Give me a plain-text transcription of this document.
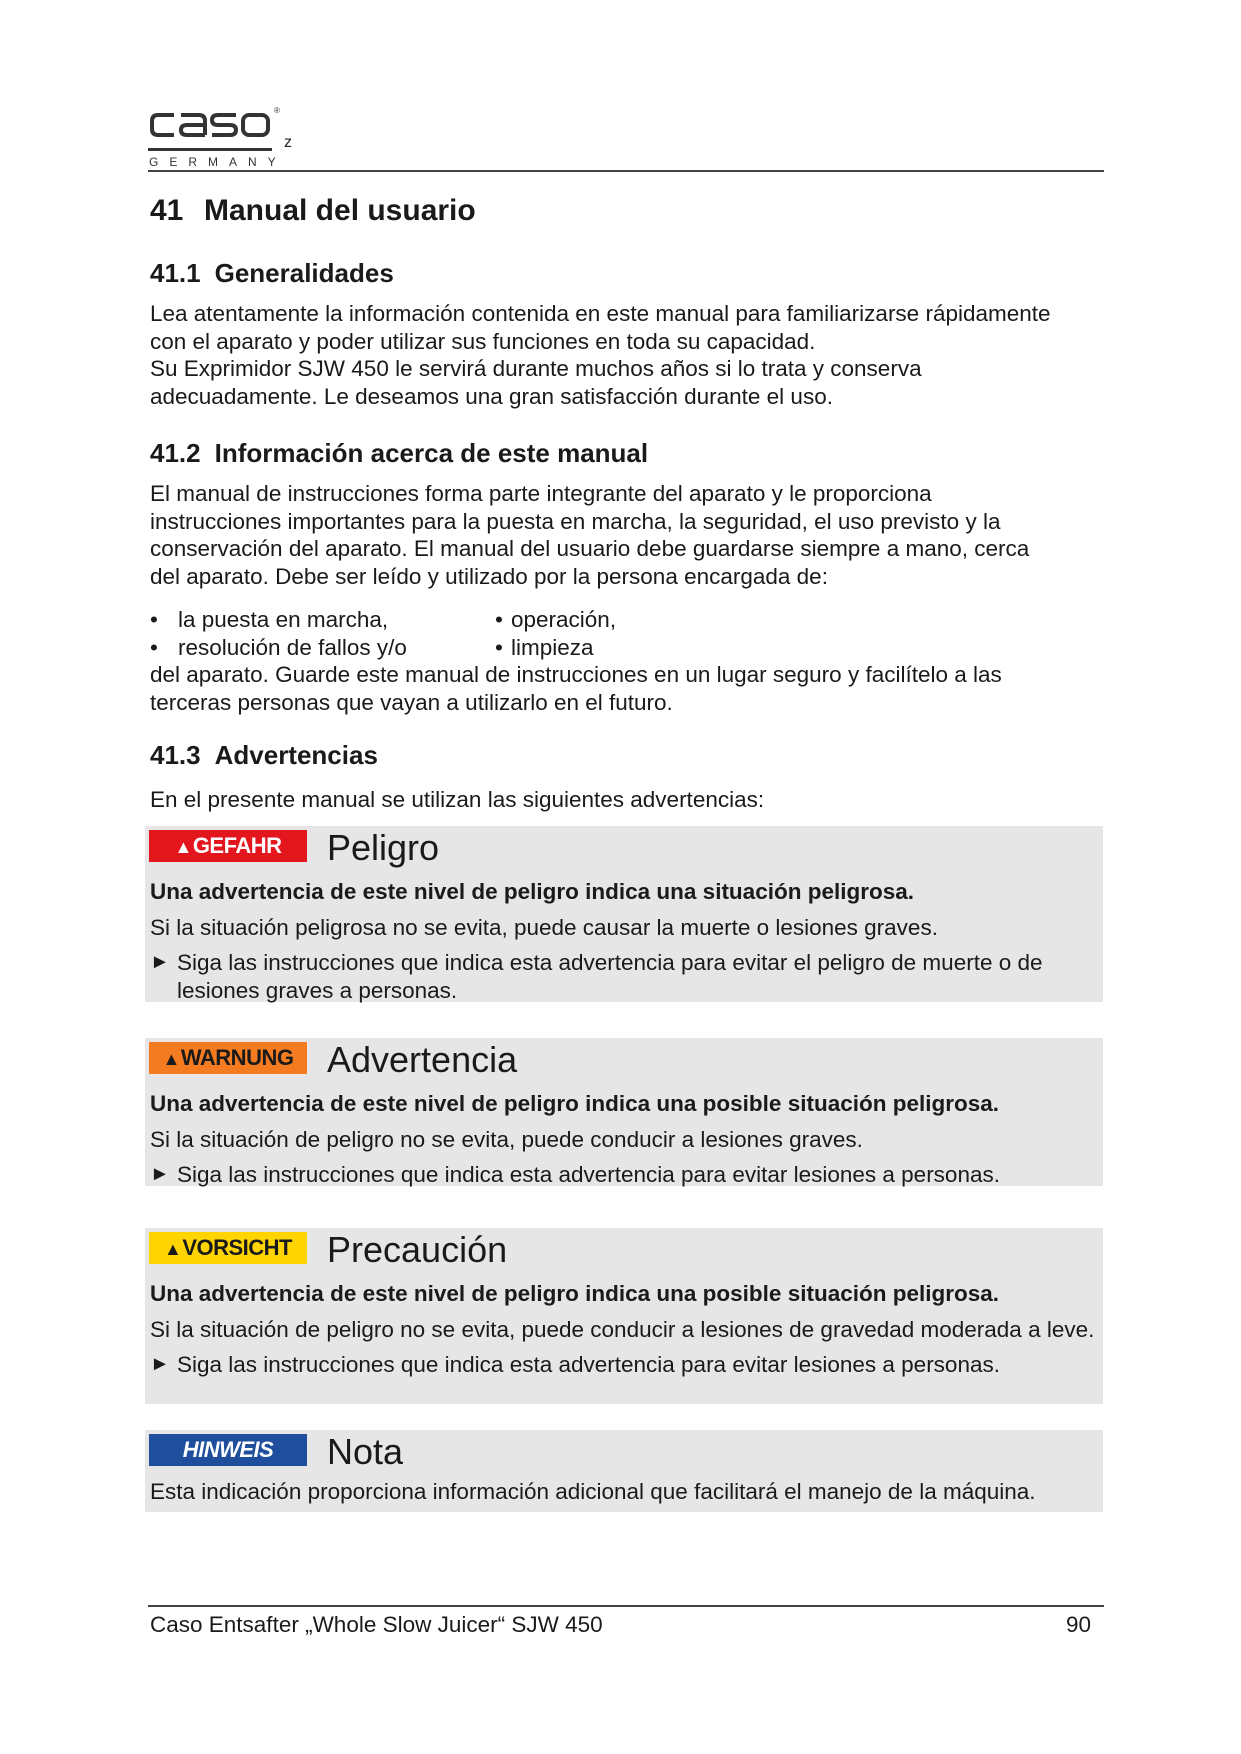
®
GERMANY
z
41 Manual del usuario
41.1 Generalidades

Lea atentamente la información contenida en este manual para familiarizarse rápidamente

con el aparato y poder utilizar sus funciones en toda su capacidad.

Su Exprimidor SJW 450 le servirá durante muchos años si lo trata y conserva

adecuadamente. Le deseamos una gran satisfacción durante el uso.

41.2 Información acerca de este manual

El manual de instrucciones forma parte integrante del aparato y le proporciona

instrucciones importantes para la puesta en marcha, la seguridad, el uso previsto y la

conservación del aparato. El manual del usuario debe guardarse siempre a mano, cerca

del aparato. Debe ser leído y utilizado por la persona encargada de:

• la puesta en marcha,	• operación,
• resolución de fallos y/o	• limpieza

del aparato. Guarde este manual de instrucciones en un lugar seguro y facilítelo a las

terceras personas que vayan a utilizarlo en el futuro.

41.3 Advertencias

En el presente manual se utilizan las siguientes advertencias:

▲GEFAHR	Peligro
Una advertencia de este nivel de peligro indica una situación peligrosa.
Si la situación peligrosa no se evita, puede causar la muerte o lesiones graves.
► Siga las instrucciones que indica esta advertencia para evitar el peligro de muerte o de lesiones graves a personas.
▲WARNUNG Advertencia
Una advertencia de este nivel de peligro indica una posible situación peligrosa.
Si la situación de peligro no se evita, puede conducir a lesiones graves.
► Siga las instrucciones que indica esta advertencia para evitar lesiones a personas.
▲VORSICHT Precaución
Una advertencia de este nivel de peligro indica una posible situación peligrosa.
Si la situación de peligro no se evita, puede conducir a lesiones de gravedad moderada a leve.
► Siga las instrucciones que indica esta advertencia para evitar lesiones a personas.
HINWEIS	Nota
Esta indicación proporciona información adicional que facilitará el manejo de la máquina.
Caso Entsafter „Whole Slow Juicer“ SJW 450	90
